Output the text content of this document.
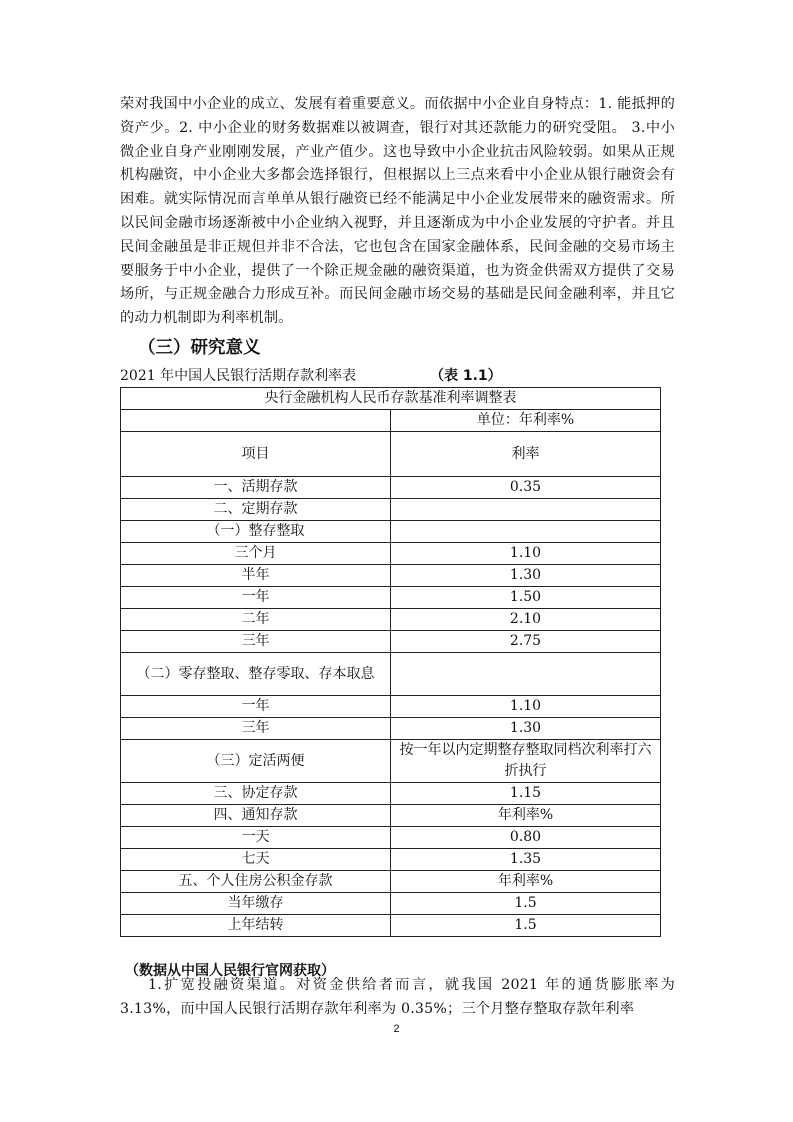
荣对我国中小企业的成立、发展有着重要意义。而依据中小企业自身特点：1. 能抵押的资产少。2. 中小企业的财务数据难以被调查，银行对其还款能力的研究受阻。 3.中小微企业自身产业刚刚发展，产业产值少。这也导致中小企业抗击风险较弱。如果从正规机构融资，中小企业大多都会选择银行，但根据以上三点来看中小企业从银行融资会有困难。就实际情况而言单单从银行融资已经不能满足中小企业发展带来的融资需求。所以民间金融市场逐渐被中小企业纳入视野，并且逐渐成为中小企业发展的守护者。并且民间金融虽是非正规但并非不合法，它也包含在国家金融体系，民间金融的交易市场主要服务于中小企业，提供了一个除正规金融的融资渠道，也为资金供需双方提供了交易场所，与正规金融合力形成互补。而民间金融市场交易的基础是民间金融利率，并且它的动力机制即为利率机制。

（三）研究意义
2021 年中国人民银行活期存款利率表	（表 1.1）
央行金融机构人民币存款基准利率调整表	
	单位：年利率%
项目	利率
一、活期存款	0.35
二、定期存款	
（一）整存整取	
三个月	1.10
半年	1.30
一年	1.50
二年	2.10
三年	2.75
（二）零存整取、整存零取、存本取息	
一年	1.10
三年	1.30
（三）定活两便	按一年以内定期整存整取同档次利率打六折执行
三、协定存款	1.15
四、通知存款	年利率%
一天	0.80
七天	1.35
五、个人住房公积金存款	年利率%
当年缴存	1.5
上年结转	1.5

（数据从中国人民银行官网获取）

1.扩宽投融资渠道。对资金供给者而言，就我国 2021 年的通货膨胀率为 3.13%，而中国人民银行活期存款年利率为 0.35%；三个月整存整取存款年利率

2
